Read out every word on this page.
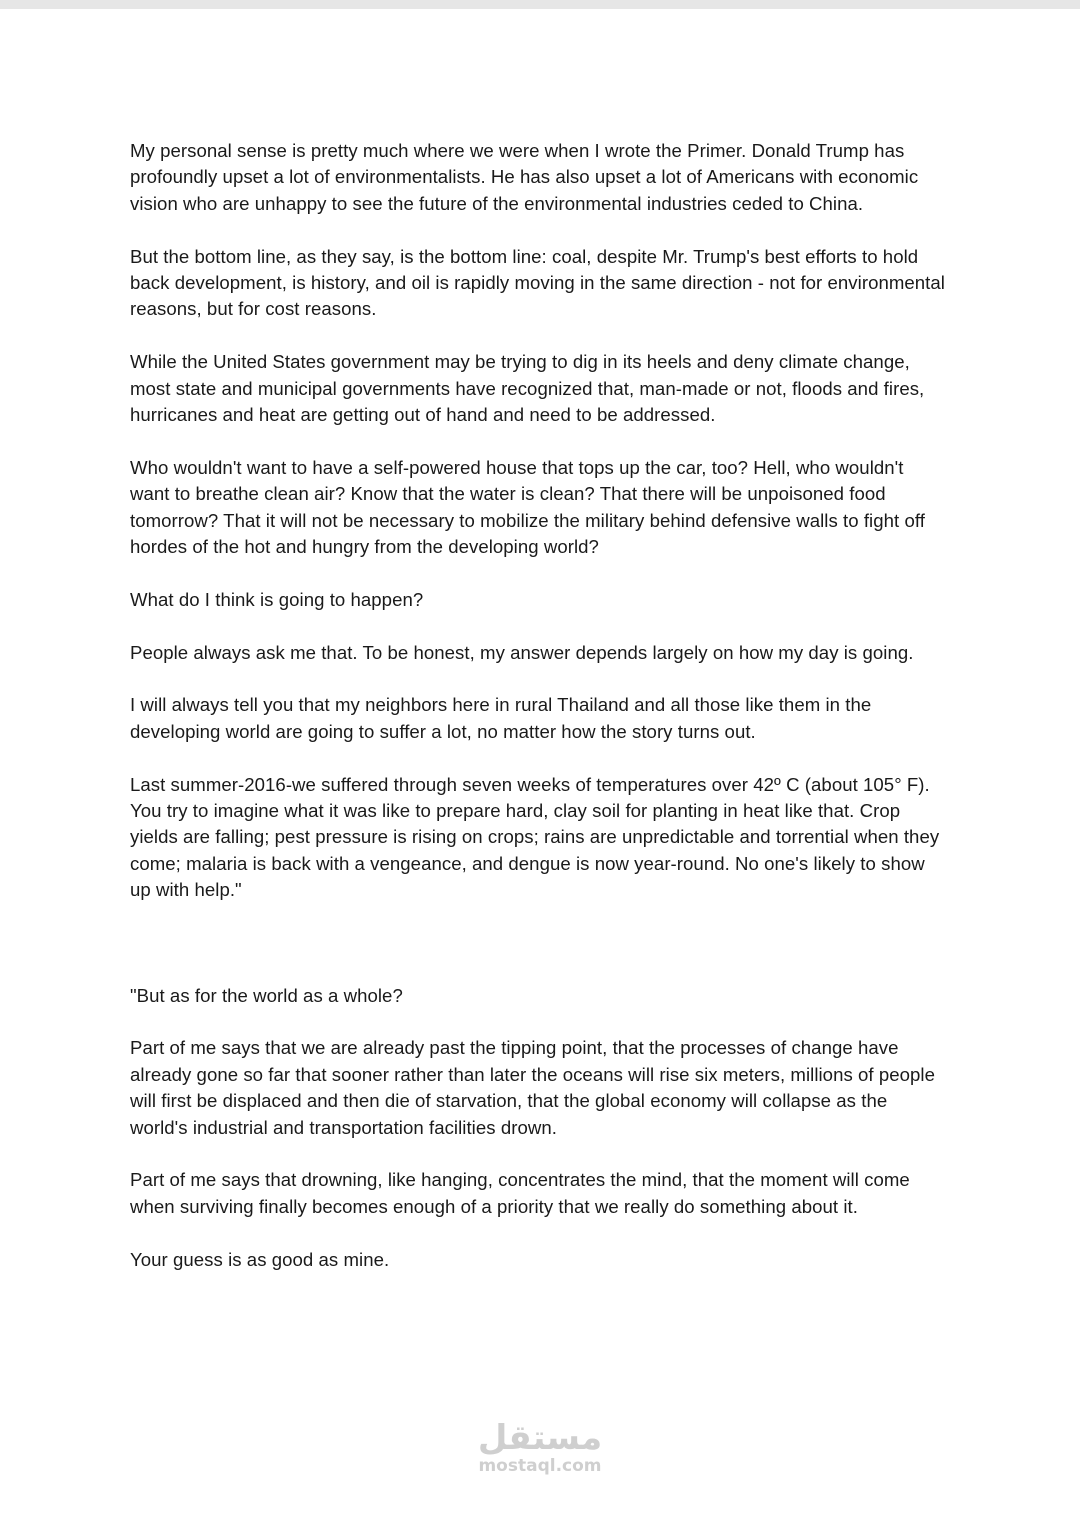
My personal sense is pretty much where we were when I wrote the Primer. Donald Trump has profoundly upset a lot of environmentalists. He has also upset a lot of Americans with economic vision who are unhappy to see the future of the environmental industries ceded to China.

But the bottom line, as they say, is the bottom line: coal, despite Mr. Trump's best efforts to hold back development, is history, and oil is rapidly moving in the same direction - not for environmental reasons, but for cost reasons.

While the United States government may be trying to dig in its heels and deny climate change, most state and municipal governments have recognized that, man-made or not, floods and fires, hurricanes and heat are getting out of hand and need to be addressed.

Who wouldn't want to have a self-powered house that tops up the car, too? Hell, who wouldn't want to breathe clean air? Know that the water is clean? That there will be unpoisoned food tomorrow? That it will not be necessary to mobilize the military behind defensive walls to fight off hordes of the hot and hungry from the developing world?

What do I think is going to happen?

People always ask me that. To be honest, my answer depends largely on how my day is going.

I will always tell you that my neighbors here in rural Thailand and all those like them in the developing world are going to suffer a lot, no matter how the story turns out.

Last summer-2016-we suffered through seven weeks of temperatures over 42º C (about 105° F). You try to imagine what it was like to prepare hard, clay soil for planting in heat like that. Crop yields are falling; pest pressure is rising on crops; rains are unpredictable and torrential when they come; malaria is back with a vengeance, and dengue is now year-round. No one's likely to show up with help."

"But as for the world as a whole?

Part of me says that we are already past the tipping point, that the processes of change have already gone so far that sooner rather than later the oceans will rise six meters, millions of people will first be displaced and then die of starvation, that the global economy will collapse as the world's industrial and transportation facilities drown.

Part of me says that drowning, like hanging, concentrates the mind, that the moment will come when surviving finally becomes enough of a priority that we really do something about it.

Your guess is as good as mine.

مستقل
mostaql.com
